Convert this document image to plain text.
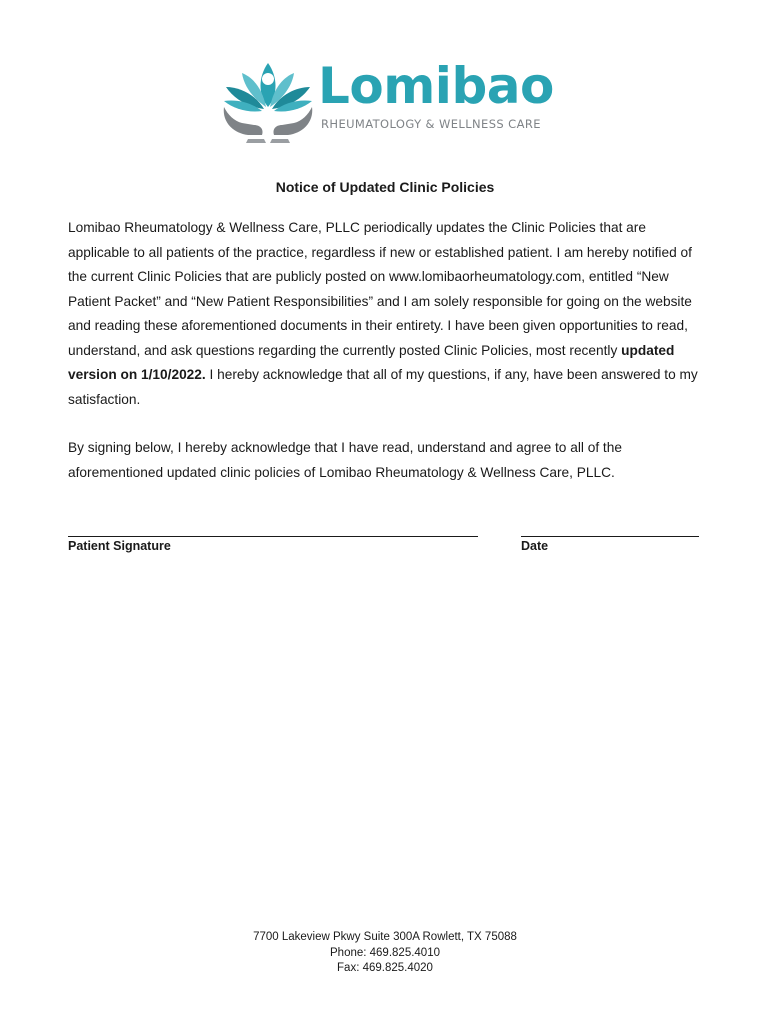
Lomibao
RHEUMATOLOGY & WELLNESS CARE
Notice of Updated Clinic Policies

Lomibao Rheumatology & Wellness Care, PLLC periodically updates the Clinic Policies that are applicable to all patients of the practice, regardless if new or established patient. I am hereby notified of the current Clinic Policies that are publicly posted on www.lomibaorheumatology.com, entitled “New Patient Packet” and “New Patient Responsibilities” and I am solely responsible for going on the website and reading these aforementioned documents in their entirety. I have been given opportunities to read, understand, and ask questions regarding the currently posted Clinic Policies, most recently updated version on 1/10/2022. I hereby acknowledge that all of my questions, if any, have been answered to my satisfaction.

By signing below, I hereby acknowledge that I have read, understand and agree to all of the aforementioned updated clinic policies of Lomibao Rheumatology & Wellness Care, PLLC.

Patient Signature	Date
7700 Lakeview Pkwy Suite 300A Rowlett, TX 75088
Phone: 469.825.4010
Fax: 469.825.4020
